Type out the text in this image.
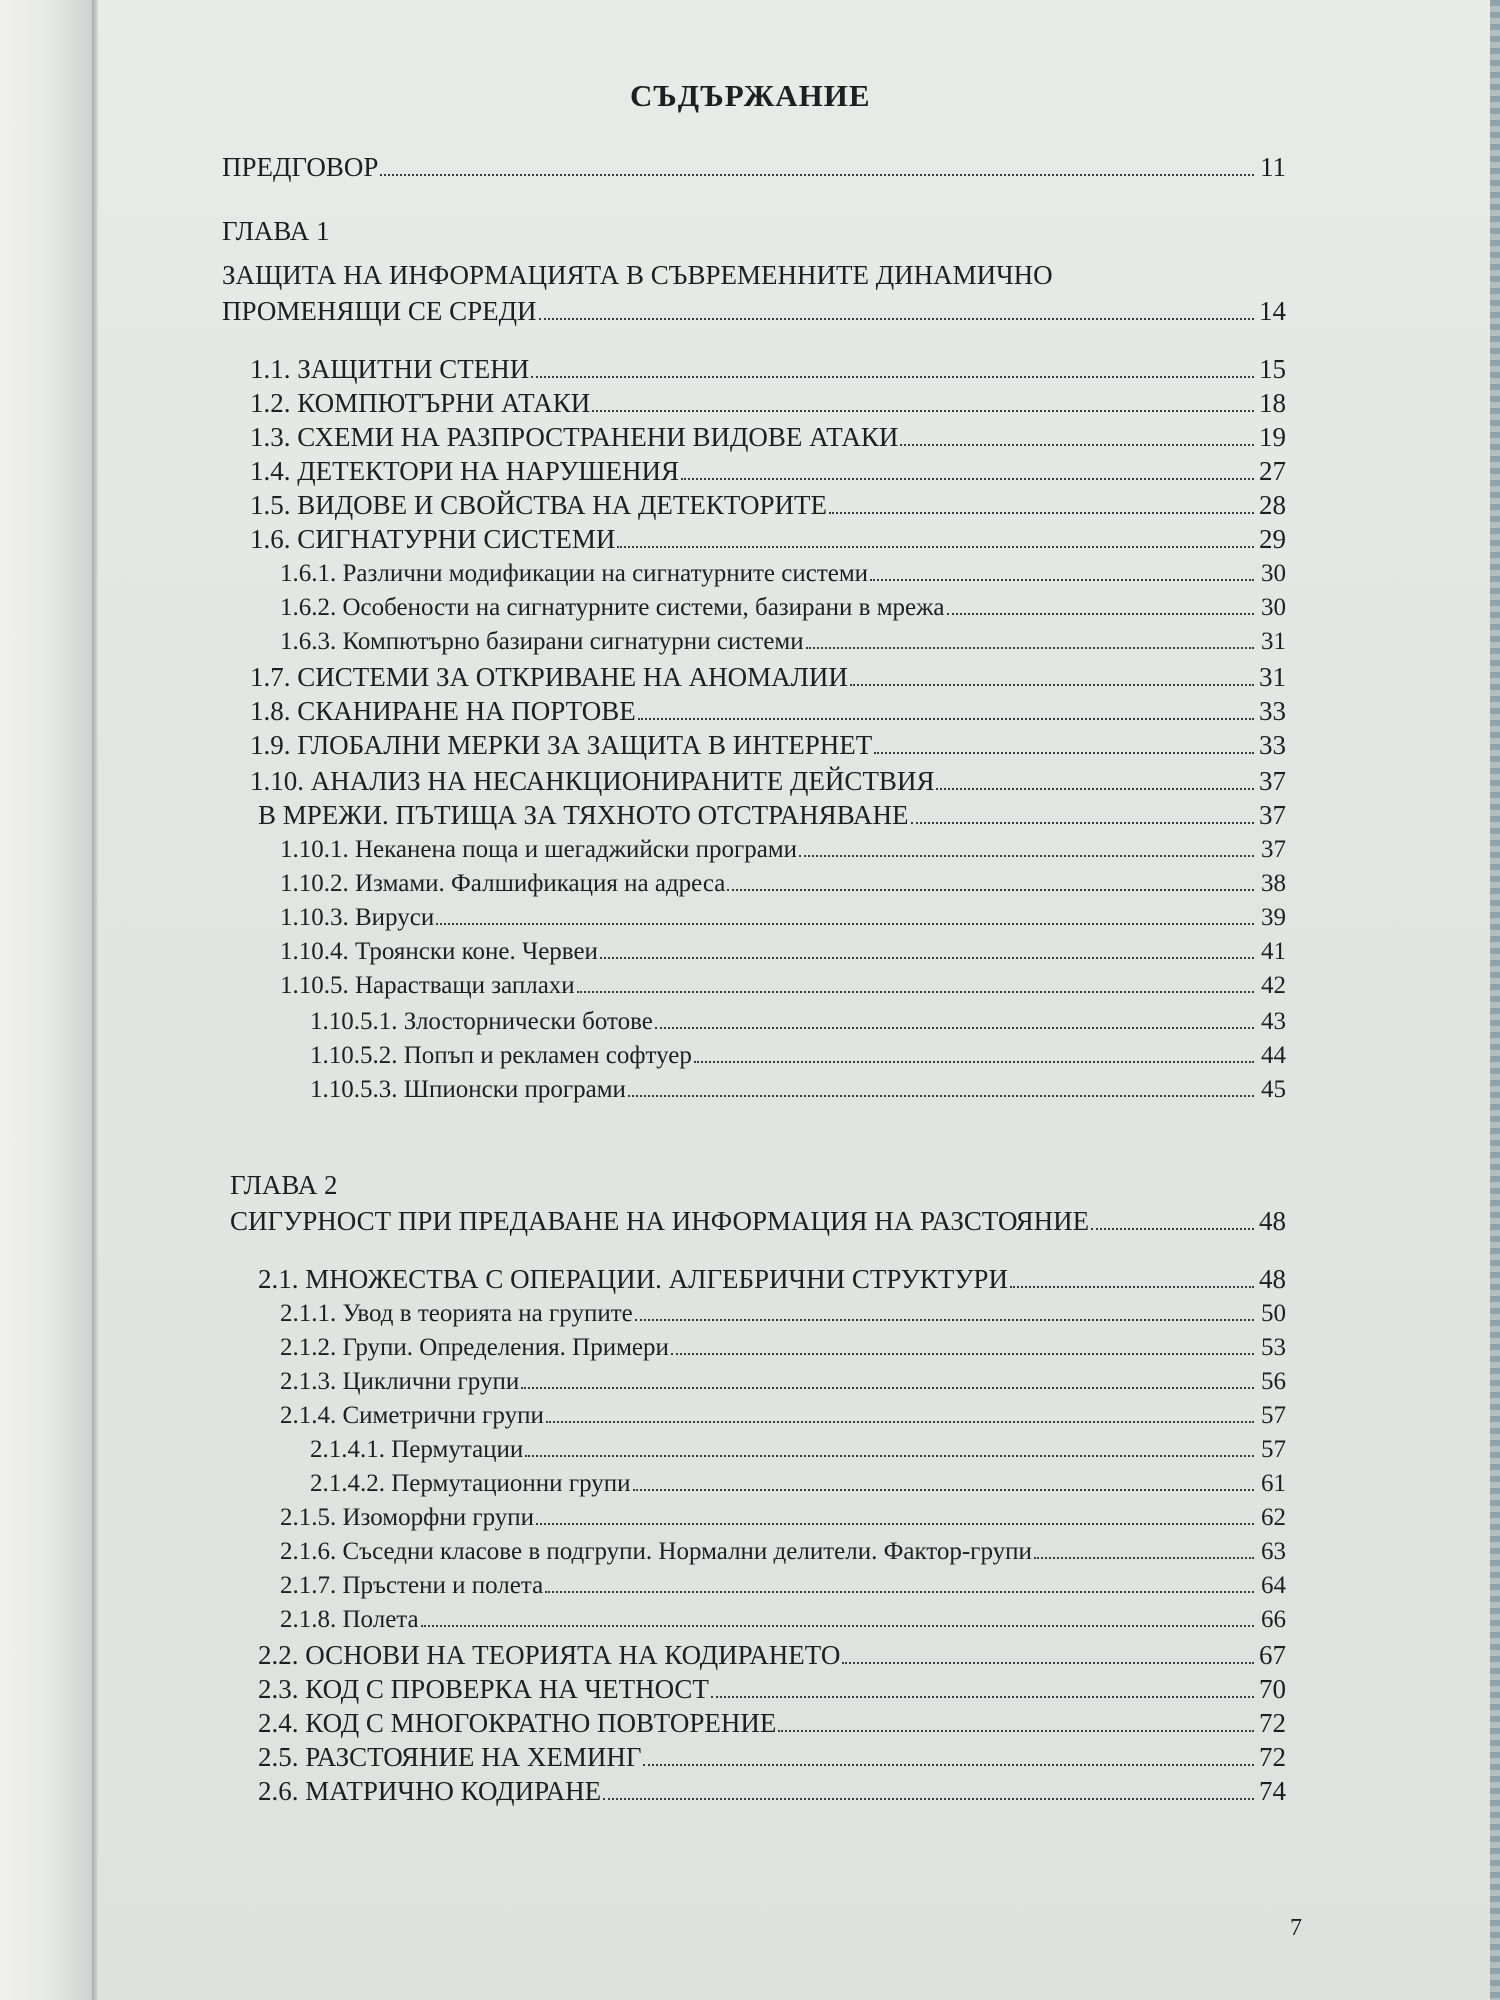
СЪДЪРЖАНИЕ
ПРЕДГОВОР	11
ГЛАВА 1
ЗАЩИТА НА ИНФОРМАЦИЯТА В СЪВРЕМЕННИТЕ ДИНАМИЧНО
ПРОМЕНЯЩИ СЕ СРЕДИ	14
1.1. ЗАЩИТНИ СТЕНИ	15
1.2. КОМПЮТЪРНИ АТАКИ	18
1.3. СХЕМИ НА РАЗПРОСТРАНЕНИ ВИДОВЕ АТАКИ	19
1.4. ДЕТЕКТОРИ НА НАРУШЕНИЯ	27
1.5. ВИДОВЕ И СВОЙСТВА НА ДЕТЕКТОРИТЕ	28
1.6. СИГНАТУРНИ СИСТЕМИ	29
1.6.1. Различни модификации на сигнатурните системи	30
1.6.2. Особености на сигнатурните системи, базирани в мрежа	30
1.6.3. Компютърно базирани сигнатурни системи	31
1.7. СИСТЕМИ ЗА ОТКРИВАНЕ НА АНОМАЛИИ	31
1.8. СКАНИРАНЕ НА ПОРТОВЕ	33
1.9. ГЛОБАЛНИ МЕРКИ ЗА ЗАЩИТА В ИНТЕРНЕТ	33
1.10. АНАЛИЗ НА НЕСАНКЦИОНИРАНИТЕ ДЕЙСТВИЯ	37
В МРЕЖИ. ПЪТИЩА ЗА ТЯХНОТО ОТСТРАНЯВАНЕ	37
1.10.1. Неканена поща и шегаджийски програми	37
1.10.2. Измами. Фалшификация на адреса	38
1.10.3. Вируси	39
1.10.4. Троянски коне. Червеи	41
1.10.5. Нарастващи заплахи	42
1.10.5.1. Злосторнически ботове	43
1.10.5.2. Попъп и рекламен софтуер	44
1.10.5.3. Шпионски програми	45
ГЛАВА 2
СИГУРНОСТ ПРИ ПРЕДАВАНЕ НА ИНФОРМАЦИЯ НА РАЗСТОЯНИЕ	48
2.1. МНОЖЕСТВА С ОПЕРАЦИИ. АЛГЕБРИЧНИ СТРУКТУРИ	48
2.1.1. Увод в теорията на групите	50
2.1.2. Групи. Определения. Примери	53
2.1.3. Циклични групи	56
2.1.4. Симетрични групи	57
2.1.4.1. Пермутации	57
2.1.4.2. Пермутационни групи	61
2.1.5. Изоморфни групи	62
2.1.6. Съседни класове в подгрупи. Нормални делители. Фактор-групи	63
2.1.7. Пръстени и полета	64
2.1.8. Полета	66
2.2. ОСНОВИ НА ТЕОРИЯТА НА КОДИРАНЕТО	67
2.3. КОД С ПРОВЕРКА НА ЧЕТНОСТ	70
2.4. КОД С МНОГОКРАТНО ПОВТОРЕНИЕ	72
2.5. РАЗСТОЯНИЕ НА ХЕМИНГ	72
2.6. МАТРИЧНО КОДИРАНЕ	74
7
